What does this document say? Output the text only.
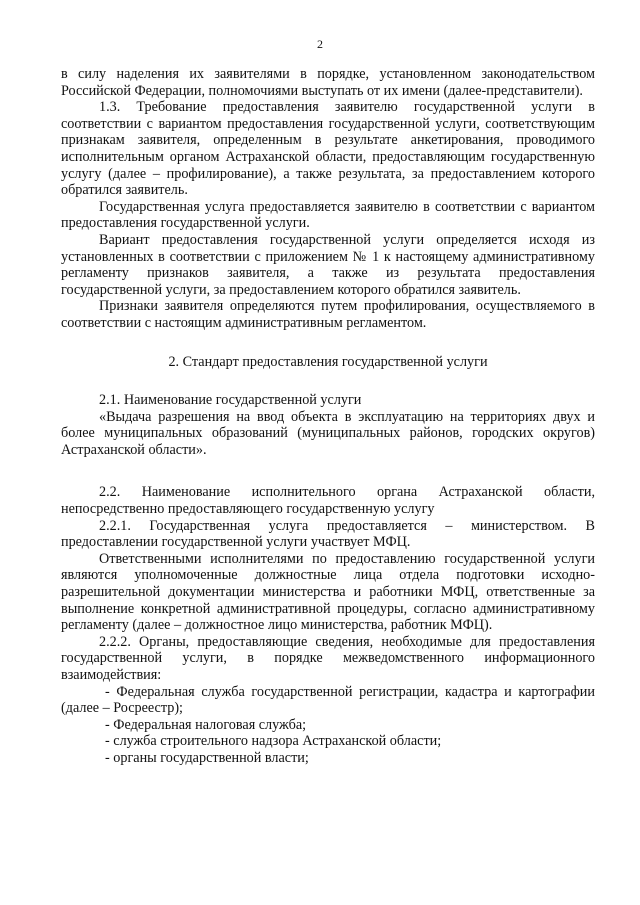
2

в силу наделения их заявителями в порядке, установленном законодательством Российской Федерации, полномочиями выступать от их имени (далее-представители).

1.3. Требование предоставления заявителю государственной услуги в соответствии с вариантом предоставления государственной услуги, соответствующим признакам заявителя, определенным в результате анкетирования, проводимого исполнительным органом Астраханской области, предоставляющим государственную услугу (далее – профилирование), а также результата, за предоставлением которого обратился заявитель.

Государственная услуга предоставляется заявителю в соответствии с вариантом предоставления государственной услуги.

Вариант предоставления государственной услуги определяется исходя из установленных в соответствии с приложением № 1 к настоящему административному регламенту признаков заявителя, а также из результата предоставления государственной услуги, за предоставлением которого обратился заявитель.

Признаки заявителя определяются путем профилирования, осуществляемого в соответствии с настоящим административным регламентом.

2. Стандарт предоставления государственной услуги

2.1. Наименование государственной услуги

«Выдача разрешения на ввод объекта в эксплуатацию на территориях двух и более муниципальных образований (муниципальных районов, городских округов) Астраханской области».

2.2. Наименование исполнительного органа Астраханской области, непосредственно предоставляющего государственную услугу

2.2.1. Государственная услуга предоставляется – министерством. В предоставлении государственной услуги участвует МФЦ.

Ответственными исполнителями по предоставлению государственной услуги являются уполномоченные должностные лица отдела подготовки исходно-разрешительной документации министерства и работники МФЦ, ответственные за выполнение конкретной административной процедуры, согласно административному регламенту (далее – должностное лицо министерства, работник МФЦ).

2.2.2. Органы, предоставляющие сведения, необходимые для предоставления государственной услуги, в порядке межведомственного информационного взаимодействия:

- Федеральная служба государственной регистрации, кадастра и картографии (далее – Росреестр);

- Федеральная налоговая служба;

- служба строительного надзора Астраханской области;

- органы государственной власти;
